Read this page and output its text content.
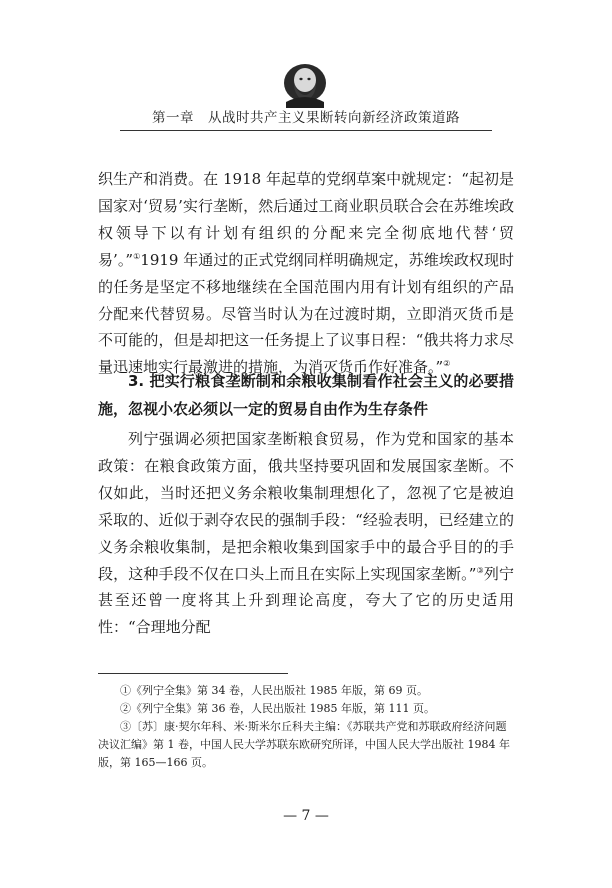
第一章　从战时共产主义果断转向新经济政策道路

织生产和消费。在 1918 年起草的党纲草案中就规定：“起初是国家对‘贸易’实行垄断，然后通过工商业职员联合会在苏维埃政权领导下以有计划有组织的分配来完全彻底地代替‘贸易’。”①1919 年通过的正式党纲同样明确规定，苏维埃政权现时的任务是坚定不移地继续在全国范围内用有计划有组织的产品分配来代替贸易。尽管当时认为在过渡时期，立即消灭货币是不可能的，但是却把这一任务提上了议事日程：“俄共将力求尽量迅速地实行最激进的措施，为消灭货币作好准备。”②

3. 把实行粮食垄断制和余粮收集制看作社会主义的必要措施，忽视小农必须以一定的贸易自由作为生存条件

列宁强调必须把国家垄断粮食贸易，作为党和国家的基本政策：在粮食政策方面，俄共坚持要巩固和发展国家垄断。不仅如此，当时还把义务余粮收集制理想化了，忽视了它是被迫采取的、近似于剥夺农民的强制手段：“经验表明，已经建立的义务余粮收集制，是把余粮收集到国家手中的最合乎目的的手段，这种手段不仅在口头上而且在实际上实现国家垄断。”③列宁甚至还曾一度将其上升到理论高度，夸大了它的历史适用性：“合理地分配

①《列宁全集》第 34 卷，人民出版社 1985 年版，第 69 页。

②《列宁全集》第 36 卷，人民出版社 1985 年版，第 111 页。

③〔苏〕康·契尔年科、米·斯米尔丘科夫主编：《苏联共产党和苏联政府经济问题决议汇编》第 1 卷，中国人民大学苏联东欧研究所译，中国人民大学出版社 1984 年版，第 165—166 页。

— 7 —
